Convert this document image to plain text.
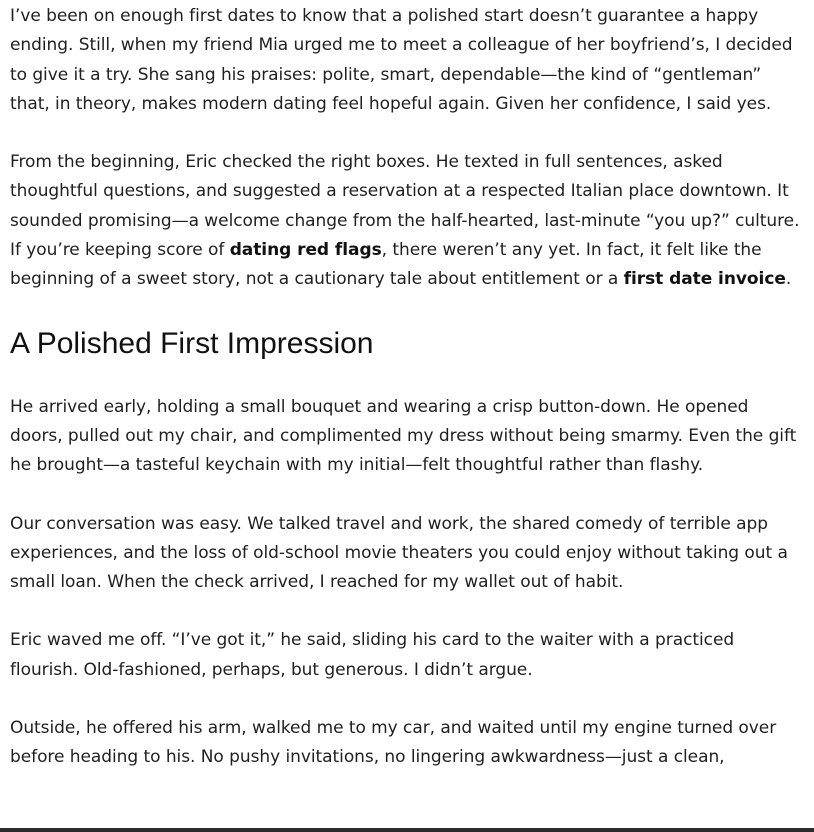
I’ve been on enough first dates to know that a polished start doesn’t guarantee a happy ending. Still, when my friend Mia urged me to meet a colleague of her boyfriend’s, I decided to give it a try. She sang his praises: polite, smart, dependable—the kind of “gentleman” that, in theory, makes modern dating feel hopeful again. Given her confidence, I said yes.

From the beginning, Eric checked the right boxes. He texted in full sentences, asked thoughtful questions, and suggested a reservation at a respected Italian place downtown. It sounded promising—a welcome change from the half-hearted, last-minute “you up?” culture. If you’re keeping score of dating red flags, there weren’t any yet. In fact, it felt like the beginning of a sweet story, not a cautionary tale about entitlement or a first date invoice.

A Polished First Impression

He arrived early, holding a small bouquet and wearing a crisp button-down. He opened doors, pulled out my chair, and complimented my dress without being smarmy. Even the gift he brought—a tasteful keychain with my initial—felt thoughtful rather than flashy.

Our conversation was easy. We talked travel and work, the shared comedy of terrible app experiences, and the loss of old-school movie theaters you could enjoy without taking out a small loan. When the check arrived, I reached for my wallet out of habit.

Eric waved me off. “I’ve got it,” he said, sliding his card to the waiter with a practiced flourish. Old-fashioned, perhaps, but generous. I didn’t argue.

Outside, he offered his arm, walked me to my car, and waited until my engine turned over before heading to his. No pushy invitations, no lingering awkwardness—just a clean,
